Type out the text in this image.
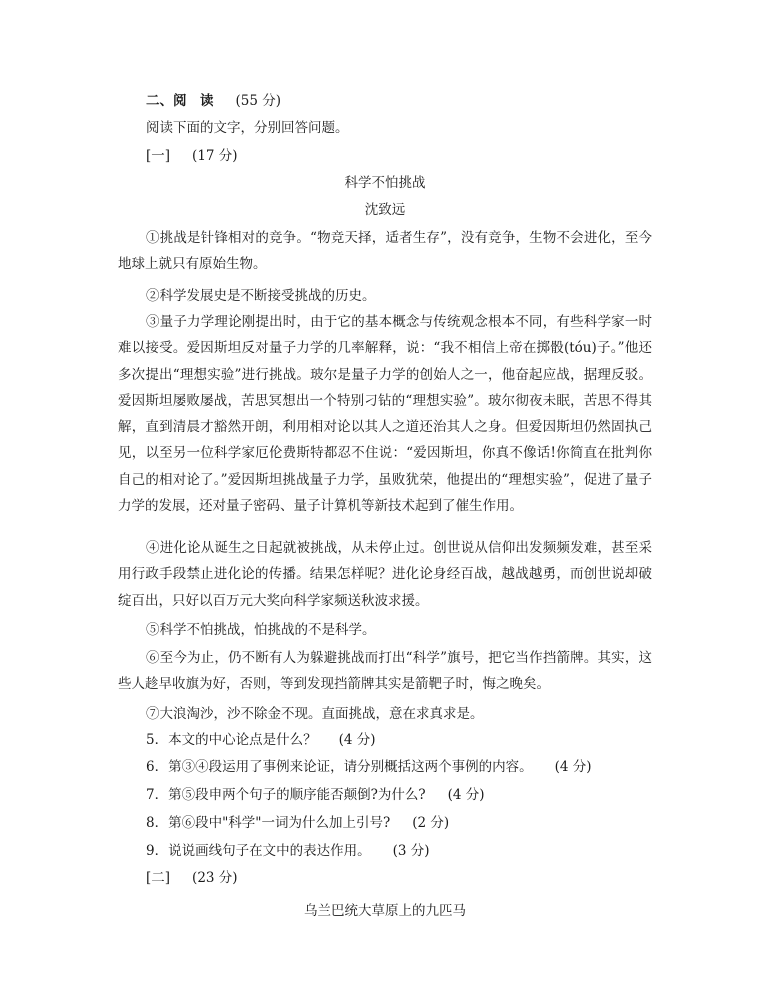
二、阅　读 (55 分)
阅读下面的文字，分别回答问题。
[一] (17 分)
科学不怕挑战
沈致远
①挑战是针锋相对的竞争。“物竞天择，适者生存”，没有竞争，生物不会进化，至今地球上就只有原始生物。
②科学发展史是不断接受挑战的历史。
③量子力学理论刚提出时，由于它的基本概念与传统观念根本不同，有些科学家一时难以接受。爱因斯坦反对量子力学的几率解释，说：“我不相信上帝在掷骰(tóu)子。”他还多次提出“理想实验”进行挑战。玻尔是量子力学的创始人之一，他奋起应战，据理反驳。爱因斯坦屡败屡战，苦思冥想出一个特别刁钻的“理想实验”。玻尔彻夜未眠，苦思不得其解，直到清晨才豁然开朗，利用相对论以其人之道还治其人之身。但爱因斯坦仍然固执己见，以至另一位科学家厄伦费斯特都忍不住说：“爱因斯坦，你真不像话!你简直在批判你自己的相对论了。”爱因斯坦挑战量子力学，虽败犹荣，他提出的“理想实验”，促进了量子力学的发展，还对量子密码、量子计算机等新技术起到了催生作用。
④进化论从诞生之日起就被挑战，从未停止过。创世说从信仰出发频频发难，甚至采用行政手段禁止进化论的传播。结果怎样呢？进化论身经百战，越战越勇，而创世说却破绽百出，只好以百万元大奖向科学家频送秋波求援。
⑤科学不怕挑战，怕挑战的不是科学。
⑥至今为止，仍不断有人为躲避挑战而打出“科学”旗号，把它当作挡箭牌。其实，这些人趁早收旗为好，否则，等到发现挡箭牌其实是箭靶子时，悔之晚矣。
⑦大浪淘沙，沙不除金不现。直面挑战，意在求真求是。
5．本文的中心论点是什么？ (4 分)
6．第③④段运用了事例来论证，请分别概括这两个事例的内容。 (4 分)
7．第⑤段申两个句子的顺序能否颠倒?为什么? (4 分)
8．第⑥段中"科学"一词为什么加上引号? (2 分)
9．说说画线句子在文中的表达作用。 (3 分)
[二] (23 分)
乌兰巴统大草原上的九匹马
